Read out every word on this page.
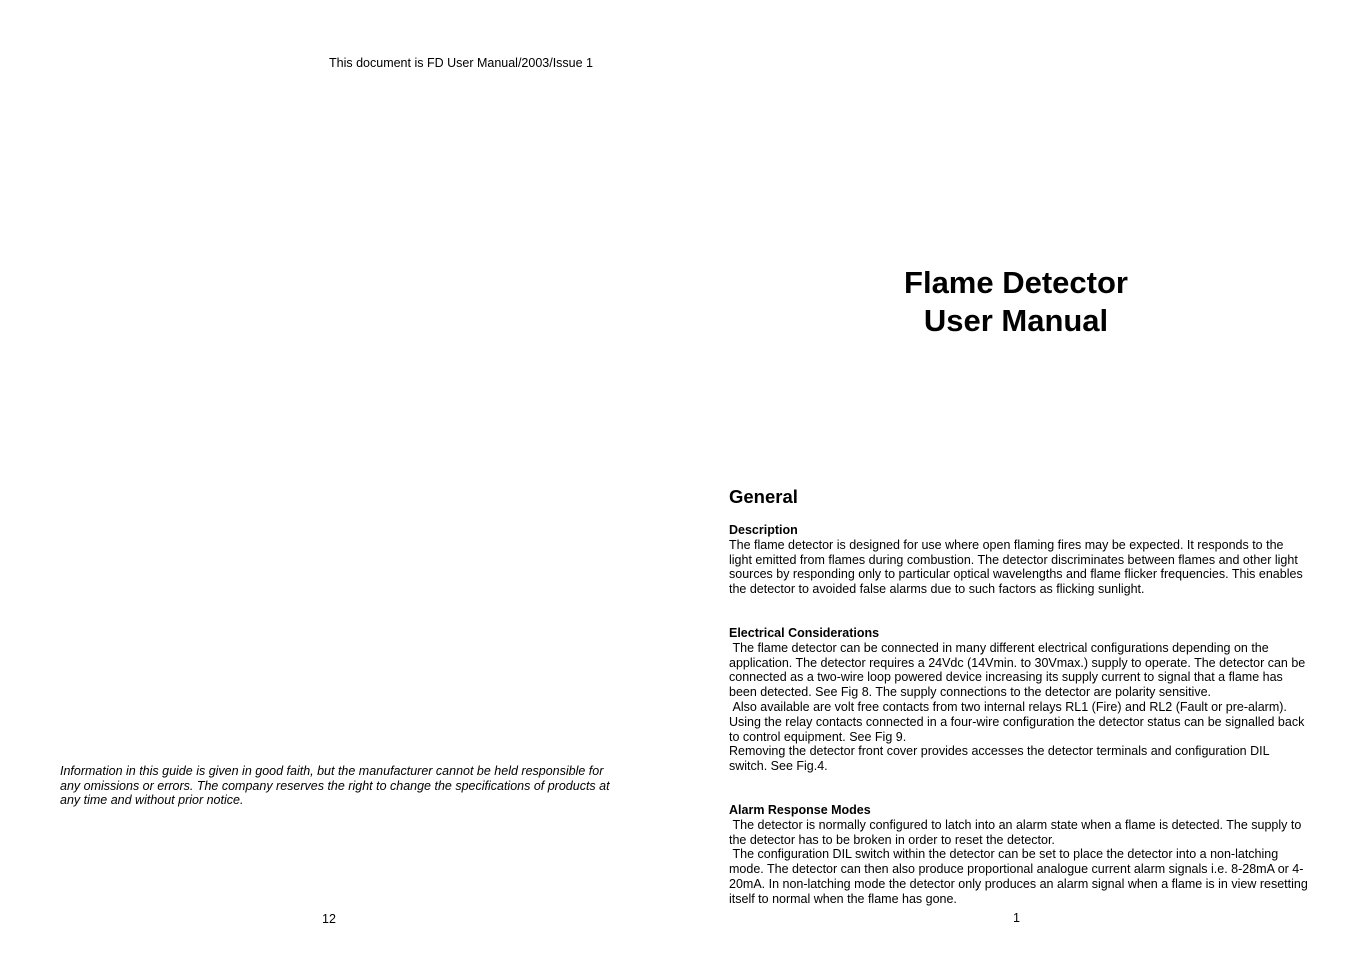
This document is FD User Manual/2003/Issue 1
Information in this guide is given in good faith, but the manufacturer cannot be held responsible for any omissions or errors. The company reserves the right to change the specifications of products at any time and without prior notice.
12
Flame Detector
User Manual
General
Description

The flame detector is designed for use where open flaming fires may be expected. It responds to the light emitted from flames during combustion. The detector discriminates between flames and other light sources by responding only to particular optical wavelengths and flame flicker frequencies. This enables the detector to avoided false alarms due to such factors as flicking sunlight.

Electrical Considerations

The flame detector can be connected in many different electrical configurations depending on the application. The detector requires a 24Vdc (14Vmin. to 30Vmax.) supply to operate. The detector can be connected as a two-wire loop powered device increasing its supply current to signal that a flame has been detected. See Fig 8. The supply connections to the detector are polarity sensitive.

Also available are volt free contacts from two internal relays RL1 (Fire) and RL2 (Fault or pre-alarm). Using the relay contacts connected in a four-wire configuration the detector status can be signalled back to control equipment. See Fig 9.

Removing the detector front cover provides accesses the detector terminals and configuration DIL switch. See Fig.4.

Alarm Response Modes

The detector is normally configured to latch into an alarm state when a flame is detected. The supply to the detector has to be broken in order to reset the detector.

The configuration DIL switch within the detector can be set to place the detector into a non-latching mode. The detector can then also produce proportional analogue current alarm signals i.e. 8-28mA or 4-20mA. In non-latching mode the detector only produces an alarm signal when a flame is in view resetting itself to normal when the flame has gone.

1
